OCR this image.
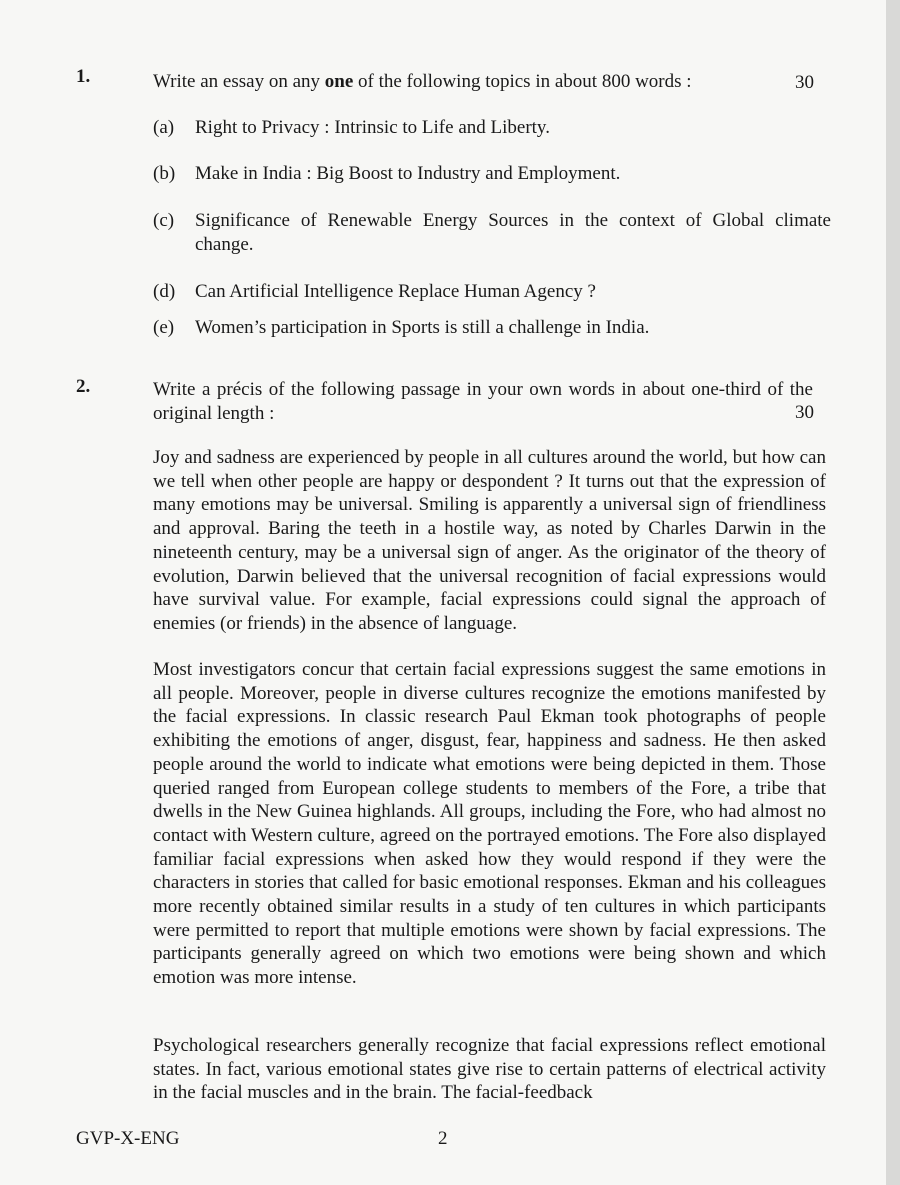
1.	Write an essay on any one of the following topics in about 800 words :	30
(a)	Right to Privacy : Intrinsic to Life and Liberty.
(b)	Make in India : Big Boost to Industry and Employment.
(c)	Significance of Renewable Energy Sources in the context of Global climate change.
(d)	Can Artificial Intelligence Replace Human Agency ?
(e)	Women’s participation in Sports is still a challenge in India.
2.	Write a précis of the following passage in your own words in about one-third of the original length :	30
Joy and sadness are experienced by people in all cultures around the world, but how can we tell when other people are happy or despondent ? It turns out that the expression of many emotions may be universal. Smiling is apparently a universal sign of friendliness and approval. Baring the teeth in a hostile way, as noted by Charles Darwin in the nineteenth century, may be a universal sign of anger. As the originator of the theory of evolution, Darwin believed that the universal recognition of facial expressions would have survival value. For example, facial expressions could signal the approach of enemies (or friends) in the absence of language.
Most investigators concur that certain facial expressions suggest the same emotions in all people. Moreover, people in diverse cultures recognize the emotions manifested by the facial expressions. In classic research Paul Ekman took photographs of people exhibiting the emotions of anger, disgust, fear, happiness and sadness. He then asked people around the world to indicate what emotions were being depicted in them. Those queried ranged from European college students to members of the Fore, a tribe that dwells in the New Guinea highlands. All groups, including the Fore, who had almost no contact with Western culture, agreed on the portrayed emotions. The Fore also displayed familiar facial expressions when asked how they would respond if they were the characters in stories that called for basic emotional responses. Ekman and his colleagues more recently obtained similar results in a study of ten cultures in which participants were permitted to report that multiple emotions were shown by facial expressions. The participants generally agreed on which two emotions were being shown and which emotion was more intense.
Psychological researchers generally recognize that facial expressions reflect emotional states. In fact, various emotional states give rise to certain patterns of electrical activity in the facial muscles and in the brain. The facial-feedback
GVP-X-ENG	2
